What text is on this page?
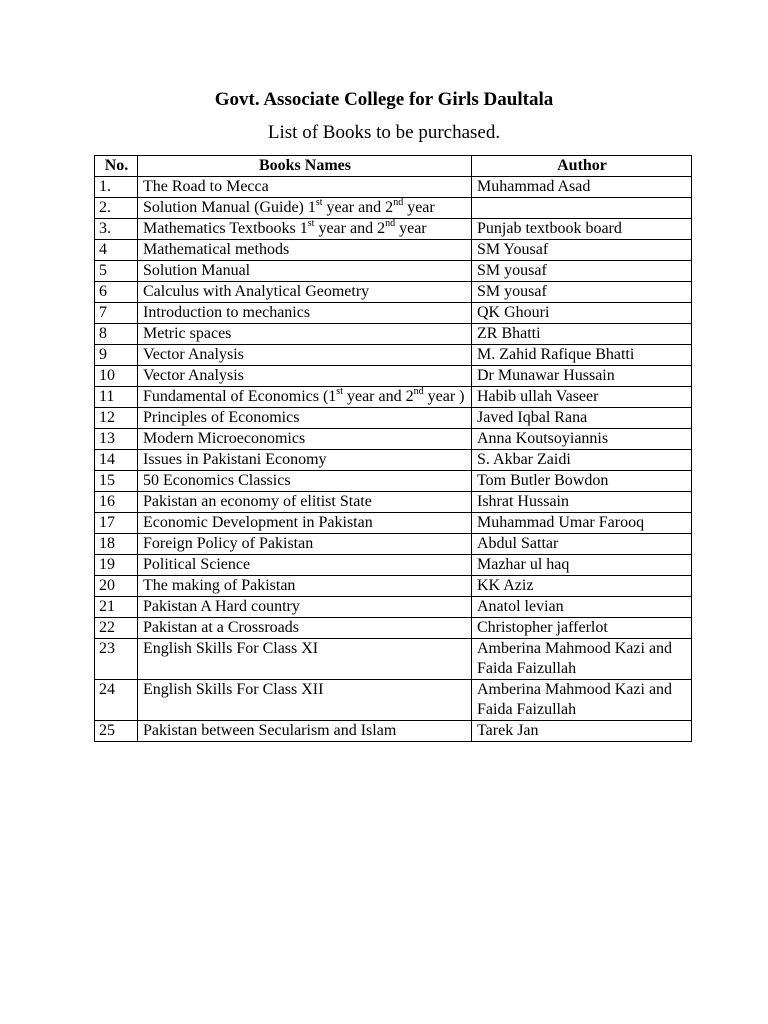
Govt. Associate College for Girls Daultala
List of Books to be purchased.
No.	Books Names	Author
1.	The Road to Mecca	Muhammad Asad
2.	Solution Manual (Guide) 1st year and 2nd year	
3.	Mathematics Textbooks 1st year and 2nd year	Punjab textbook board
4	Mathematical methods	SM Yousaf
5	Solution Manual	SM yousaf
6	Calculus with Analytical Geometry	SM yousaf
7	Introduction to mechanics	QK Ghouri
8	Metric spaces	ZR Bhatti
9	Vector Analysis	M. Zahid Rafique Bhatti
10	Vector Analysis	Dr Munawar Hussain
11	Fundamental of Economics (1st year and 2nd year )	Habib ullah Vaseer
12	Principles of Economics	Javed Iqbal Rana
13	Modern Microeconomics	Anna Koutsoyiannis
14	Issues in Pakistani Economy	S. Akbar Zaidi
15	50 Economics Classics	Tom Butler Bowdon
16	Pakistan an economy of elitist State	Ishrat Hussain
17	Economic Development in Pakistan	Muhammad Umar Farooq
18	Foreign Policy of Pakistan	Abdul Sattar
19	Political Science	Mazhar ul haq
20	The making of Pakistan	KK Aziz
21	Pakistan A Hard country	Anatol levian
22	Pakistan at a Crossroads	Christopher jafferlot
23	English Skills For Class XI	Amberina Mahmood Kazi and Faida Faizullah
24	English Skills For Class XII	Amberina Mahmood Kazi and Faida Faizullah
25	Pakistan between Secularism and Islam	Tarek Jan
